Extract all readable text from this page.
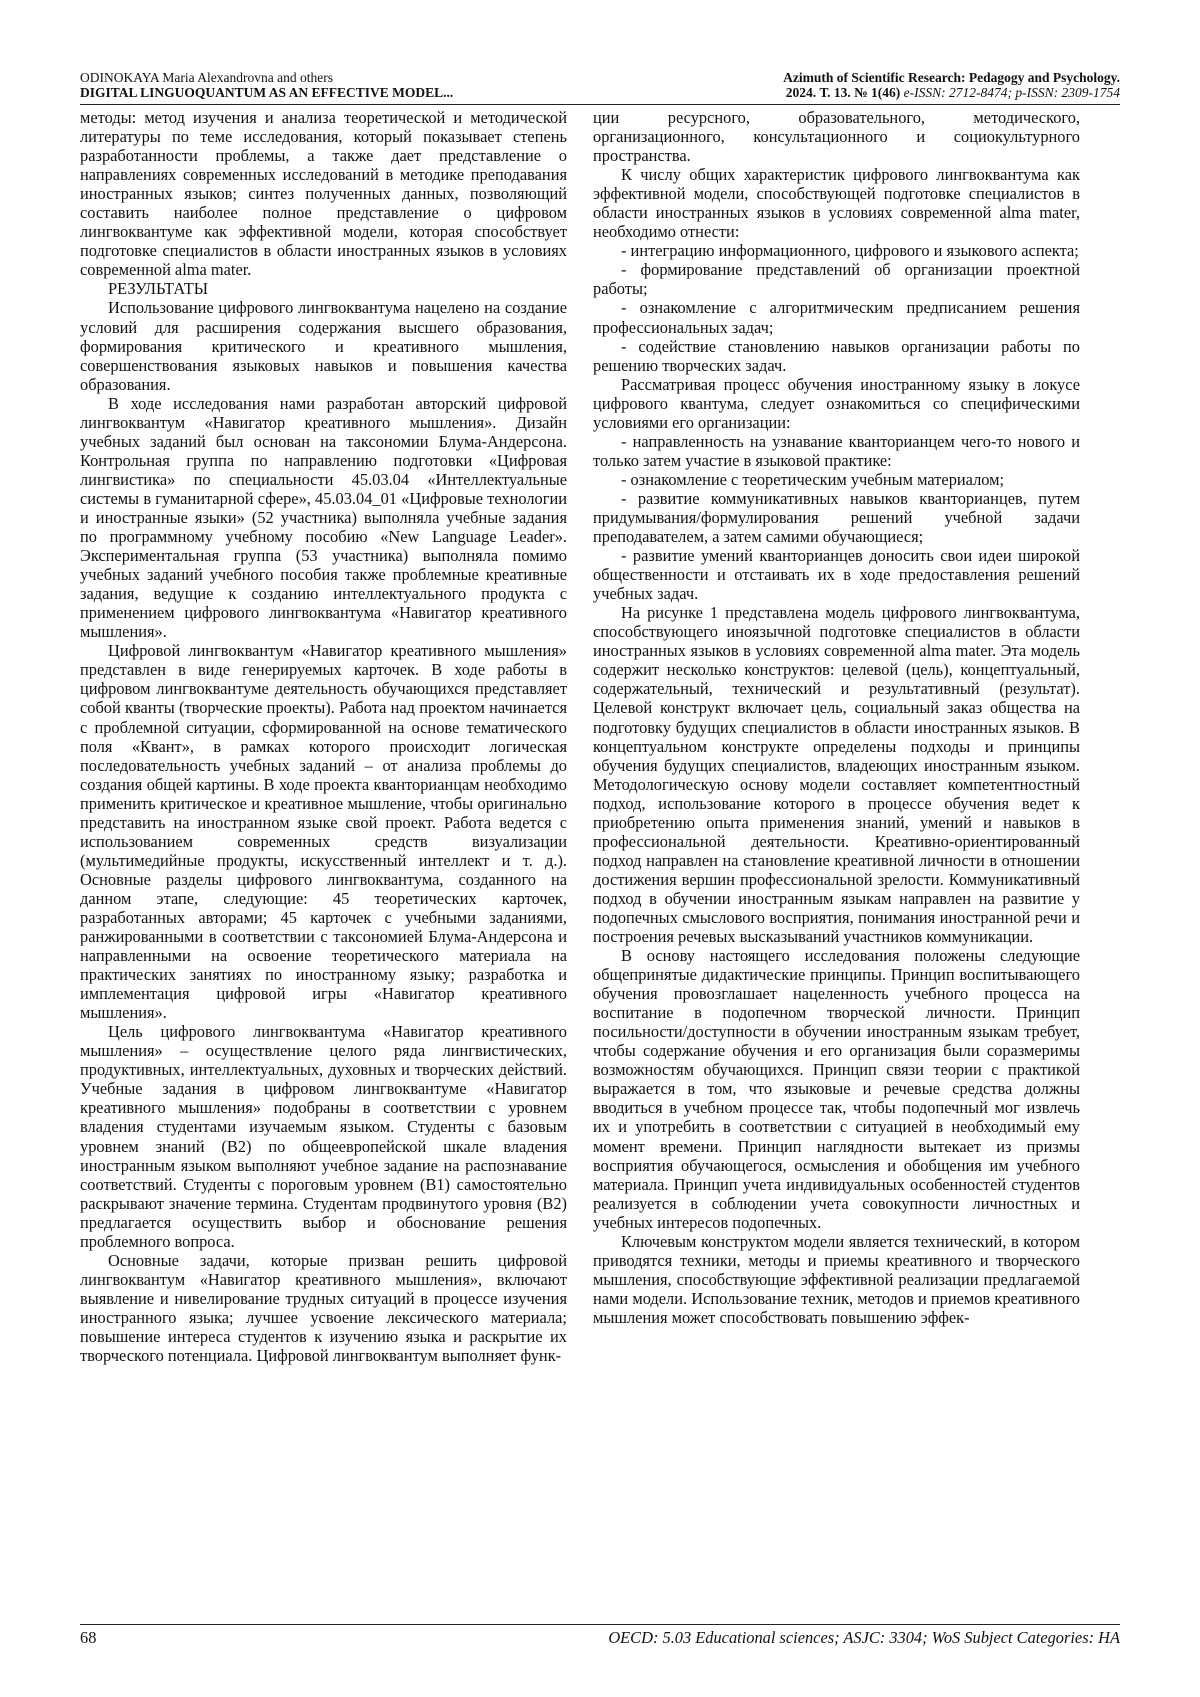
ODINOKAYA Maria Alexandrovna and others
DIGITAL LINGUOQUANTUM AS AN EFFECTIVE MODEL...
Azimuth of Scientific Research: Pedagogy and Psychology.
2024. Т. 13. № 1(46) e-ISSN: 2712-8474; p-ISSN: 2309-1754

методы: метод изучения и анализа теоретической и методической литературы по теме исследования, который показывает степень разработанности проблемы, а также дает представление о направлениях современных исследований в методике преподавания иностранных языков; синтез полученных данных, позволяющий составить наиболее полное представление о цифровом лингвоквантуме как эффективной модели, которая способствует подготовке специалистов в области иностранных языков в условиях современной alma mater.

РЕЗУЛЬТАТЫ

Использование цифрового лингвоквантума нацелено на создание условий для расширения содержания высшего образования, формирования критического и креативного мышления, совершенствования языковых навыков и повышения качества образования.

В ходе исследования нами разработан авторский цифровой лингвоквантум «Навигатор креативного мышления». Дизайн учебных заданий был основан на таксономии Блума-Андерсона. Контрольная группа по направлению подготовки «Цифровая лингвистика» по специальности 45.03.04 «Интеллектуальные системы в гуманитарной сфере», 45.03.04_01 «Цифровые технологии и иностранные языки» (52 участника) выполняла учебные задания по программному учебному пособию «New Language Leader». Экспериментальная группа (53 участника) выполняла помимо учебных заданий учебного пособия также проблемные креативные задания, ведущие к созданию интеллектуального продукта с применением цифрового лингвоквантума «Навигатор креативного мышления».

Цифровой лингвоквантум «Навигатор креативного мышления» представлен в виде генерируемых карточек. В ходе работы в цифровом лингвоквантуме деятельность обучающихся представляет собой кванты (творческие проекты). Работа над проектом начинается с проблемной ситуации, сформированной на основе тематического поля «Квант», в рамках которого происходит логическая последовательность учебных заданий – от анализа проблемы до создания общей картины. В ходе проекта кванторианцам необходимо применить критическое и креативное мышление, чтобы оригинально представить на иностранном языке свой проект. Работа ведется с использованием современных средств визуализации (мультимедийные продукты, искусственный интеллект и т. д.). Основные разделы цифрового лингвоквантума, созданного на данном этапе, следующие: 45 теоретических карточек, разработанных авторами; 45 карточек с учебными заданиями, ранжированными в соответствии с таксономией Блума-Андерсона и направленными на освоение теоретического материала на практических занятиях по иностранному языку; разработка и имплементация цифровой игры «Навигатор креативного мышления».

Цель цифрового лингвоквантума «Навигатор креативного мышления» – осуществление целого ряда лингвистических, продуктивных, интеллектуальных, духовных и творческих действий. Учебные задания в цифровом лингвоквантуме «Навигатор креативного мышления» подобраны в соответствии с уровнем владения студентами изучаемым языком. Студенты с базовым уровнем знаний (B2) по общеевропейской шкале владения иностранным языком выполняют учебное задание на распознавание соответствий. Студенты с пороговым уровнем (B1) самостоятельно раскрывают значение термина. Студентам продвинутого уровня (B2) предлагается осуществить выбор и обоснование решения проблемного вопроса.

Основные задачи, которые призван решить цифровой лингвоквантум «Навигатор креативного мышления», включают выявление и нивелирование трудных ситуаций в процессе изучения иностранного языка; лучшее усвоение лексического материала; повышение интереса студентов к изучению языка и раскрытие их творческого потенциала. Цифровой лингвоквантум выполняет функ-

ции ресурсного, образовательного, методического, организационного, консультационного и социокультурного пространства.

К числу общих характеристик цифрового лингвоквантума как эффективной модели, способствующей подготовке специалистов в области иностранных языков в условиях современной alma mater, необходимо отнести:

- интеграцию информационного, цифрового и языкового аспекта;

- формирование представлений об организации проектной работы;

- ознакомление с алгоритмическим предписанием решения профессиональных задач;

- содействие становлению навыков организации работы по решению творческих задач.

Рассматривая процесс обучения иностранному языку в локусе цифрового квантума, следует ознакомиться со специфическими условиями его организации:

- направленность на узнавание кванторианцем чего-то нового и только затем участие в языковой практике:

- ознакомление с теоретическим учебным материалом;

- развитие коммуникативных навыков кванторианцев, путем придумывания/формулирования решений учебной задачи преподавателем, а затем самими обучающиеся;

- развитие умений кванторианцев доносить свои идеи широкой общественности и отстаивать их в ходе предоставления решений учебных задач.

На рисунке 1 представлена модель цифрового лингвоквантума, способствующего иноязычной подготовке специалистов в области иностранных языков в условиях современной alma mater. Эта модель содержит несколько конструктов: целевой (цель), концептуальный, содержательный, технический и результативный (результат). Целевой конструкт включает цель, социальный заказ общества на подготовку будущих специалистов в области иностранных языков. В концептуальном конструкте определены подходы и принципы обучения будущих специалистов, владеющих иностранным языком. Методологическую основу модели составляет компетентностный подход, использование которого в процессе обучения ведет к приобретению опыта применения знаний, умений и навыков в профессиональной деятельности. Креативно-ориентированный подход направлен на становление креативной личности в отношении достижения вершин профессиональной зрелости. Коммуникативный подход в обучении иностранным языкам направлен на развитие у подопечных смыслового восприятия, понимания иностранной речи и построения речевых высказываний участников коммуникации.

В основу настоящего исследования положены следующие общепринятые дидактические принципы. Принцип воспитывающего обучения провозглашает нацеленность учебного процесса на воспитание в подопечном творческой личности. Принцип посильности/доступности в обучении иностранным языкам требует, чтобы содержание обучения и его организация были соразмеримы возможностям обучающихся. Принцип связи теории с практикой выражается в том, что языковые и речевые средства должны вводиться в учебном процессе так, чтобы подопечный мог извлечь их и употребить в соответствии с ситуацией в необходимый ему момент времени. Принцип наглядности вытекает из призмы восприятия обучающегося, осмысления и обобщения им учебного материала. Принцип учета индивидуальных особенностей студентов реализуется в соблюдении учета совокупности личностных и учебных интересов подопечных.

Ключевым конструктом модели является технический, в котором приводятся техники, методы и приемы креативного и творческого мышления, способствующие эффективной реализации предлагаемой нами модели. Использование техник, методов и приемов креативного мышления может способствовать повышению эффек-

68	OECD: 5.03 Educational sciences; ASJC: 3304; WoS Subject Categories: HA
